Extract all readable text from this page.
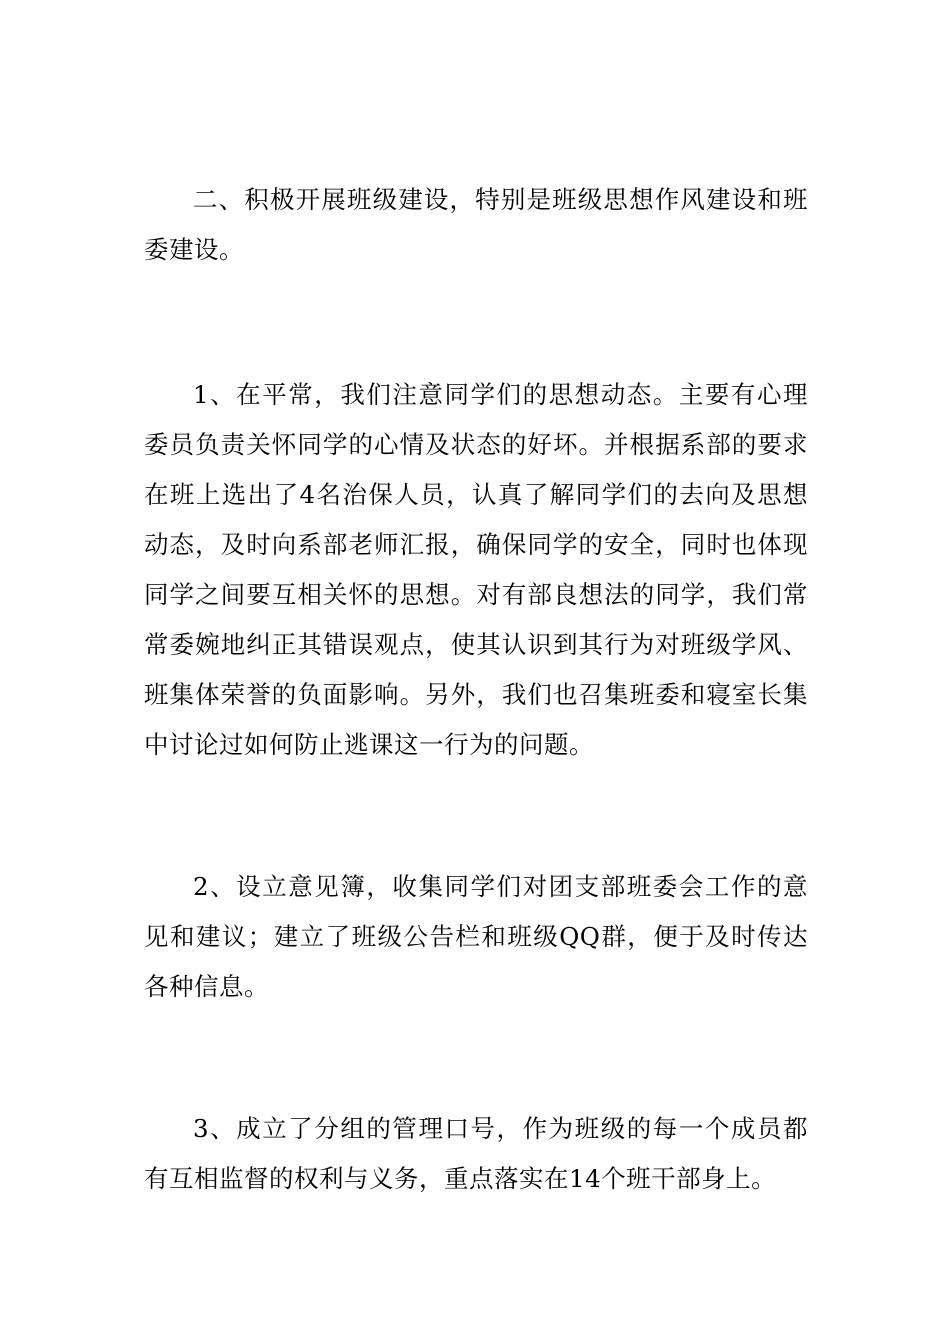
二、积极开展班级建设，特别是班级思想作风建设和班委建设。

1、在平常，我们注意同学们的思想动态。主要有心理委员负责关怀同学的心情及状态的好坏。并根据系部的要求在班上选出了4名治保人员，认真了解同学们的去向及思想动态，及时向系部老师汇报，确保同学的安全，同时也体现同学之间要互相关怀的思想。对有部良想法的同学，我们常常委婉地纠正其错误观点，使其认识到其行为对班级学风、班集体荣誉的负面影响。另外，我们也召集班委和寝室长集中讨论过如何防止逃课这一行为的问题。

2、设立意见簿，收集同学们对团支部班委会工作的意见和建议；建立了班级公告栏和班级QQ群，便于及时传达各种信息。

3、成立了分组的管理口号，作为班级的每一个成员都有互相监督的权利与义务，重点落实在14个班干部身上。
